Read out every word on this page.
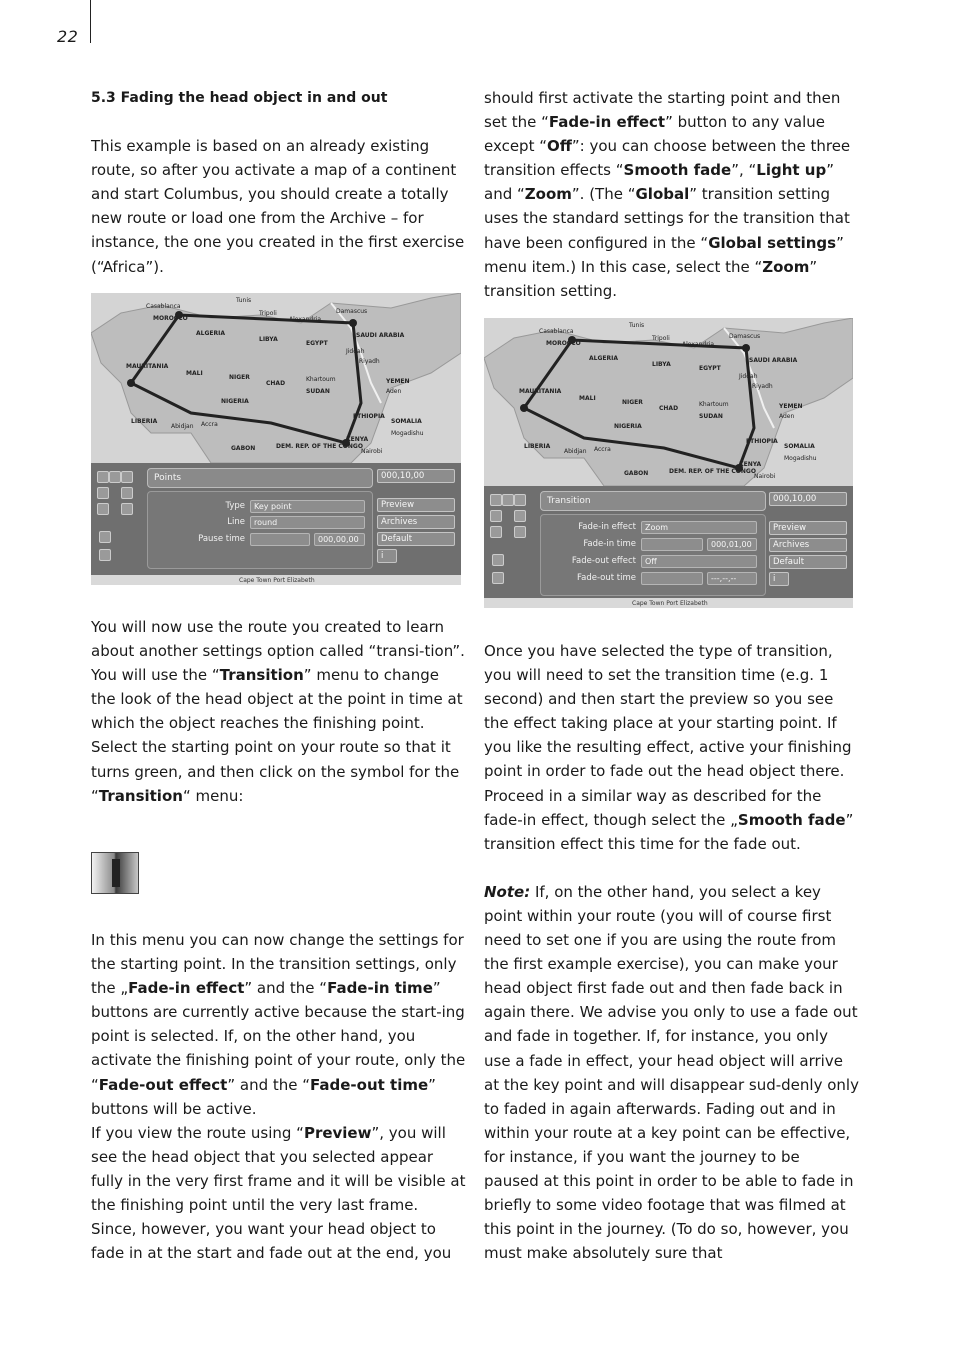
22

5.3 Fading the head object in and out

This example is based on an already existing route, so after you activate a map of a continent and start Columbus, you should create a totally new route or load one from the Archive – for instance, the one you created in the first exercise (“Africa”).

Casablanca
MOROCCO
Tunis
Tripoli
Alexandria
Damascus
ALGERIA
LIBYA
EGYPT
SAUDI ARABIA
MAURITANIA
MALI
NIGER
CHAD
SUDAN
YEMEN
NIGERIA
ETHIOPIA
SOMALIA
KENYA
LIBERIA
GABON	DEM. REP. OF THE CONGO
Nairobi
Mogadishu
Khartoum
Riyadh
Jiddah
Aden
Accra
Abidjan
Points	000,10,00
Type	Key point
Line	round
Pause time	000,00,00
Preview
Archives
Default
i
Cape Town Port Elizabeth

You will now use the route you created to learn about another settings option called “transi-tion”.

You will use the “Transition” menu to change the look of the head object at the point in time at which the object reaches the finishing point. Select the starting point on your route so that it turns green, and then click on the symbol for the “Transition“ menu:

In this menu you can now change the settings for the starting point. In the transition settings, only the „Fade-in effect” and the “Fade-in time” buttons are currently active because the start-ing point is selected. If, on the other hand, you activate the finishing point of your route, only the “Fade-out effect” and the “Fade-out time” buttons will be active.

If you view the route using “Preview”, you will see the head object that you selected appear fully in the very first frame and it will be visible at the finishing point until the very last frame. Since, however, you want your head object to fade in at the start and fade out at the end, you

should first activate the starting point and then set the “Fade-in effect” button to any value except “Off”: you can choose between the three transition effects “Smooth fade”, “Light up” and “Zoom”. (The “Global” transition setting uses the standard settings for the transition that have been configured in the “Global settings” menu item.) In this case, select the “Zoom” transition setting.

Casablanca
MOROCCO
Tunis
Tripoli
Alexandria
Damascus
ALGERIA
LIBYA
EGYPT
SAUDI ARABIA
MAURITANIA
MALI
NIGER
CHAD
SUDAN
YEMEN
NIGERIA
ETHIOPIA
SOMALIA
KENYA
LIBERIA
GABON	DEM. REP. OF THE CONGO
Nairobi
Mogadishu
Khartoum
Riyadh
Jiddah
Aden
Accra
Abidjan
Transition	000,10,00
Fade-in effect	Zoom
Fade-in time	000,01,00
Fade-out effect	Off
Fade-out time	---,--,--
Preview
Archives
Default
i
Cape Town Port Elizabeth

Once you have selected the type of transition, you will need to set the transition time (e.g. 1 second) and then start the preview so you see the effect taking place at your starting point. If you like the resulting effect, active your finishing point in order to fade out the head object there. Proceed in a similar way as described for the fade-in effect, though select the „Smooth fade” transition effect this time for the fade out.

Note: If, on the other hand, you select a key point within your route (you will of course first need to set one if you are using the route from the first example exercise), you can make your head object first fade out and then fade back in again there. We advise you only to use a fade out and fade in together. If, for instance, you only use a fade in effect, your head object will arrive at the key point and will disappear sud-denly only to faded in again afterwards. Fading out and in within your route at a key point can be effective, for instance, if you want the journey to be paused at this point in order to be able to fade in briefly to some video footage that was filmed at this point in the journey. (To do so, however, you must make absolutely sure that
